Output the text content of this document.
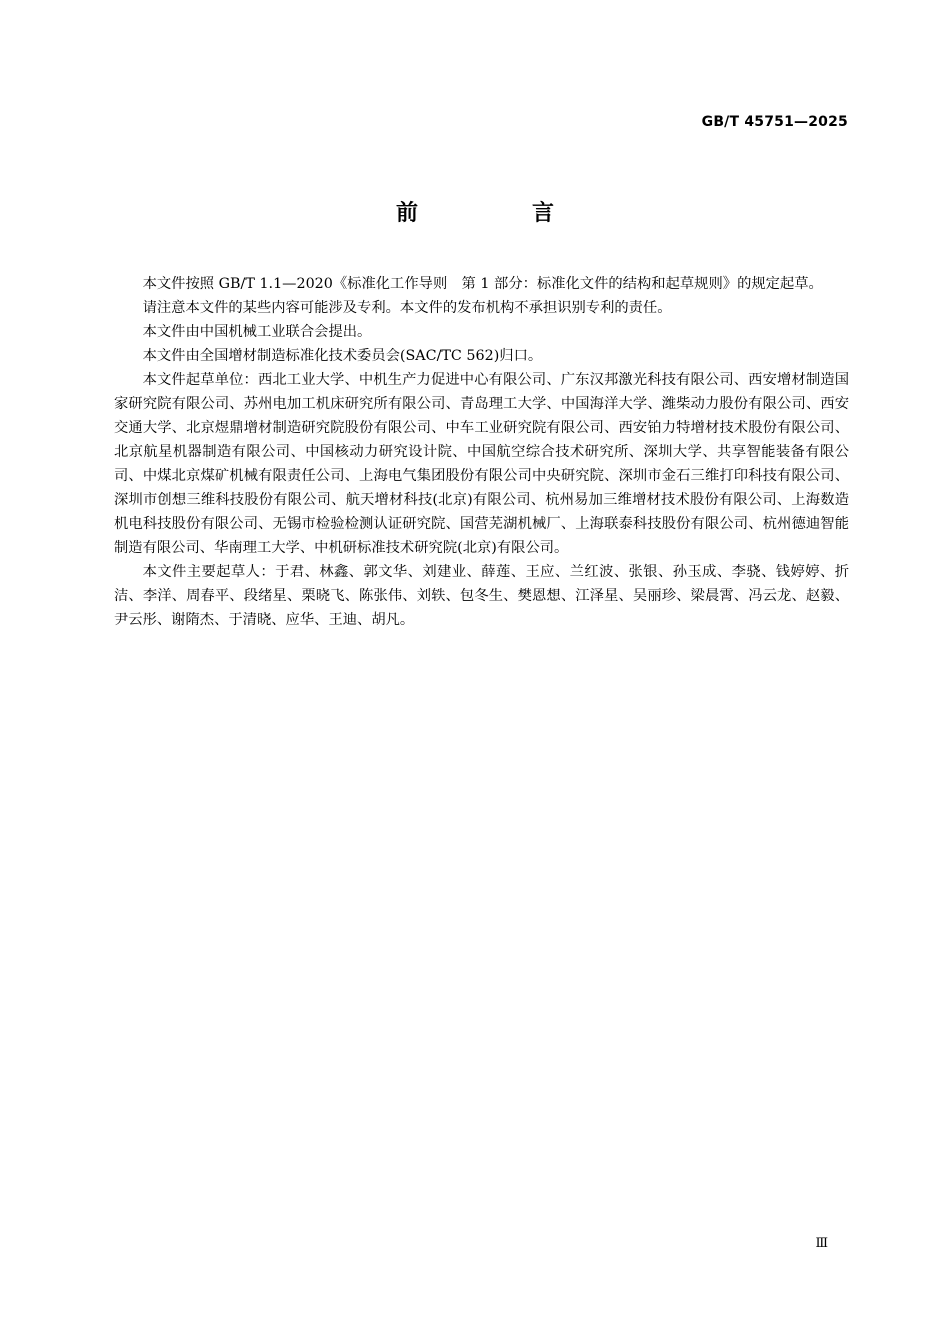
GB/T 45751—2025
前　言

本文件按照 GB/T 1.1—2020《标准化工作导则　第 1 部分：标准化文件的结构和起草规则》的规定起草。

请注意本文件的某些内容可能涉及专利。本文件的发布机构不承担识别专利的责任。

本文件由中国机械工业联合会提出。

本文件由全国增材制造标准化技术委员会(SAC/TC 562)归口。

本文件起草单位：西北工业大学、中机生产力促进中心有限公司、广东汉邦激光科技有限公司、西安增材制造国家研究院有限公司、苏州电加工机床研究所有限公司、青岛理工大学、中国海洋大学、潍柴动力股份有限公司、西安交通大学、北京煜鼎增材制造研究院股份有限公司、中车工业研究院有限公司、西安铂力特增材技术股份有限公司、北京航星机器制造有限公司、中国核动力研究设计院、中国航空综合技术研究所、深圳大学、共享智能装备有限公司、中煤北京煤矿机械有限责任公司、上海电气集团股份有限公司中央研究院、深圳市金石三维打印科技有限公司、深圳市创想三维科技股份有限公司、航天增材科技(北京)有限公司、杭州易加三维增材技术股份有限公司、上海数造机电科技股份有限公司、无锡市检验检测认证研究院、国营芜湖机械厂、上海联泰科技股份有限公司、杭州德迪智能制造有限公司、华南理工大学、中机研标准技术研究院(北京)有限公司。

本文件主要起草人：于君、林鑫、郭文华、刘建业、薛莲、王应、兰红波、张银、孙玉成、李骁、钱婷婷、折洁、李洋、周春平、段绪星、栗晓飞、陈张伟、刘轶、包冬生、樊恩想、江泽星、吴丽珍、梁晨霄、冯云龙、赵毅、尹云彤、谢隋杰、于清晓、应华、王迪、胡凡。

Ⅲ
